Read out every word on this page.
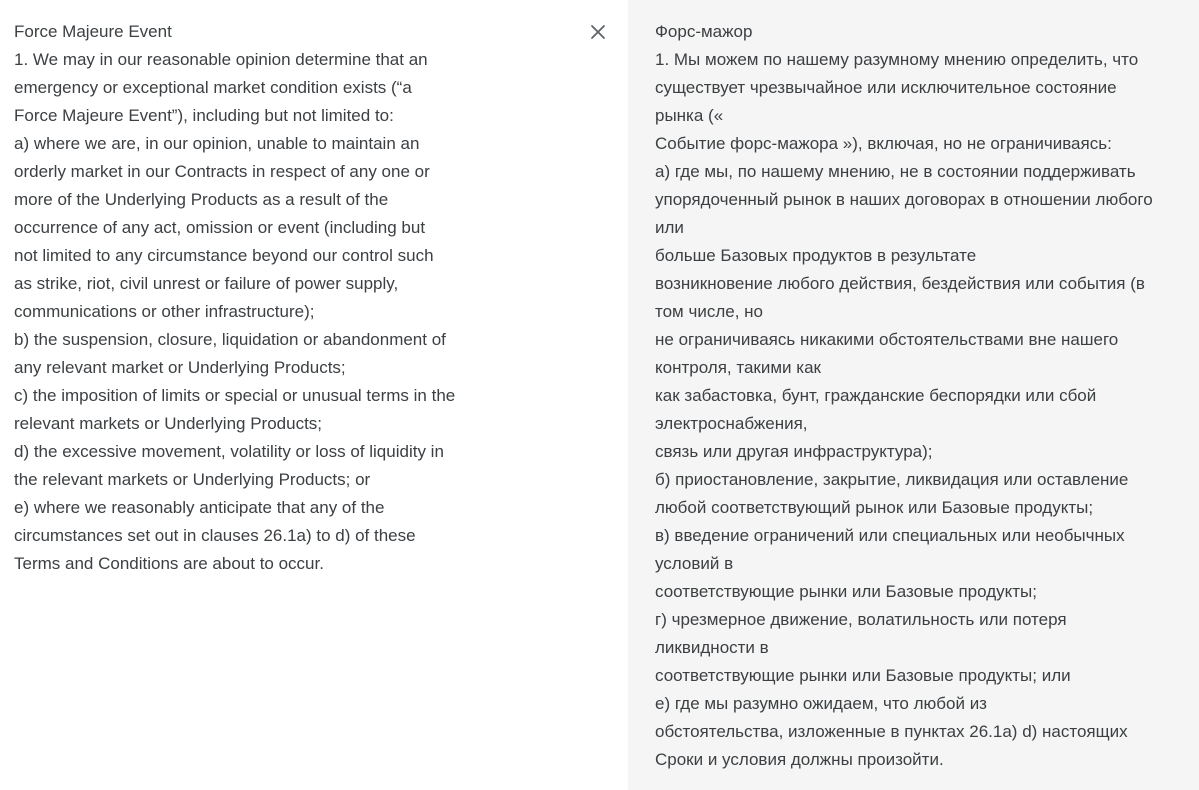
Force Majeure Event
1. We may in our reasonable opinion determine that an
emergency or exceptional market condition exists (“a
Force Majeure Event”), including but not limited to:
a) where we are, in our opinion, unable to maintain an
orderly market in our Contracts in respect of any one or
more of the Underlying Products as a result of the
occurrence of any act, omission or event (including but
not limited to any circumstance beyond our control such
as strike, riot, civil unrest or failure of power supply,
communications or other infrastructure);
b) the suspension, closure, liquidation or abandonment of
any relevant market or Underlying Products;
c) the imposition of limits or special or unusual terms in the
relevant markets or Underlying Products;
d) the excessive movement, volatility or loss of liquidity in
the relevant markets or Underlying Products; or
e) where we reasonably anticipate that any of the
circumstances set out in clauses 26.1a) to d) of these
Terms and Conditions are about to occur.
Форс-мажор
1. Мы можем по нашему разумному мнению определить, что
существует чрезвычайное или исключительное состояние
рынка («
Событие форс-мажора »), включая, но не ограничиваясь:
а) где мы, по нашему мнению, не в состоянии поддерживать
упорядоченный рынок в наших договорах в отношении любого
или
больше Базовых продуктов в результате
возникновение любого действия, бездействия или события (в
том числе, но
не ограничиваясь никакими обстоятельствами вне нашего
контроля, такими как
как забастовка, бунт, гражданские беспорядки или сбой
электроснабжения,
связь или другая инфраструктура);
б) приостановление, закрытие, ликвидация или оставление
любой соответствующий рынок или Базовые продукты;
в) введение ограничений или специальных или необычных
условий в
соответствующие рынки или Базовые продукты;
г) чрезмерное движение, волатильность или потеря
ликвидности в
соответствующие рынки или Базовые продукты; или
е) где мы разумно ожидаем, что любой из
обстоятельства, изложенные в пунктах 26.1а) d) настоящих
Сроки и условия должны произойти.
